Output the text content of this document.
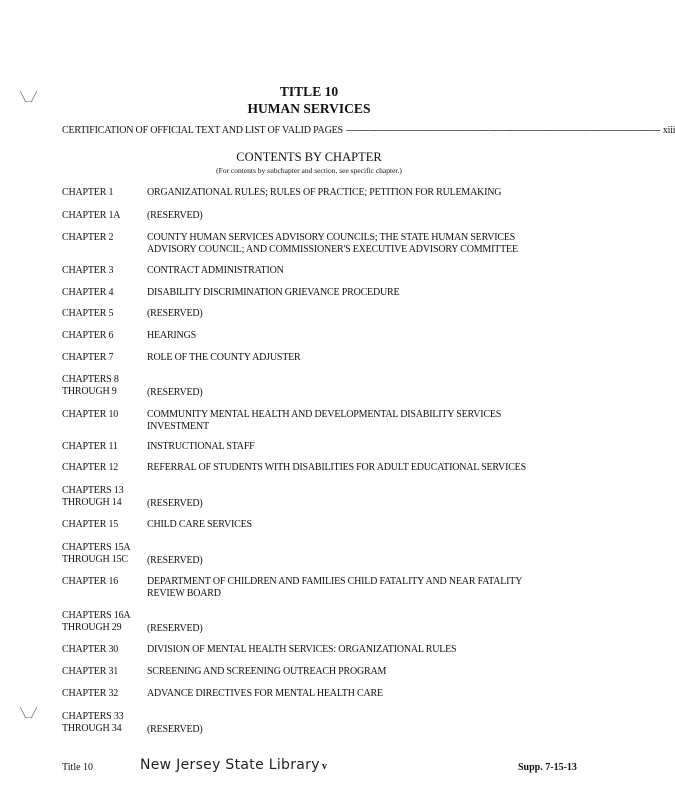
╲_╱
╲_╱
TITLE 10
HUMAN SERVICES
CERTIFICATION OF OFFICIAL TEXT AND LIST OF VALID PAGES ------------------------------------------------------------------------------------------------------------------- xiii
CONTENTS BY CHAPTER
(For contents by subchapter and section, see specific chapter.)
CHAPTER 1	ORGANIZATIONAL RULES; RULES OF PRACTICE; PETITION FOR RULEMAKING
CHAPTER 1A	(RESERVED)
CHAPTER 2	COUNTY HUMAN SERVICES ADVISORY COUNCILS; THE STATE HUMAN SERVICES ADVISORY COUNCIL; AND COMMISSIONER'S EXECUTIVE ADVISORY COMMITTEE
CHAPTER 3	CONTRACT ADMINISTRATION
CHAPTER 4	DISABILITY DISCRIMINATION GRIEVANCE PROCEDURE
CHAPTER 5	(RESERVED)
CHAPTER 6	HEARINGS
CHAPTER 7	ROLE OF THE COUNTY ADJUSTER
CHAPTERS 8
THROUGH 9	(RESERVED)
CHAPTER 10	COMMUNITY MENTAL HEALTH AND DEVELOPMENTAL DISABILITY SERVICES INVESTMENT
CHAPTER 11	INSTRUCTIONAL STAFF
CHAPTER 12	REFERRAL OF STUDENTS WITH DISABILITIES FOR ADULT EDUCATIONAL SERVICES
CHAPTERS 13
THROUGH 14	(RESERVED)
CHAPTER 15	CHILD CARE SERVICES
CHAPTERS 15A
THROUGH 15C	(RESERVED)
CHAPTER 16	DEPARTMENT OF CHILDREN AND FAMILIES CHILD FATALITY AND NEAR FATALITY REVIEW BOARD
CHAPTERS 16A
THROUGH 29	(RESERVED)
CHAPTER 30	DIVISION OF MENTAL HEALTH SERVICES: ORGANIZATIONAL RULES
CHAPTER 31	SCREENING AND SCREENING OUTREACH PROGRAM
CHAPTER 32	ADVANCE DIRECTIVES FOR MENTAL HEALTH CARE
CHAPTERS 33
THROUGH 34	(RESERVED)
Title 10	New Jersey State Library v	Supp. 7-15-13
